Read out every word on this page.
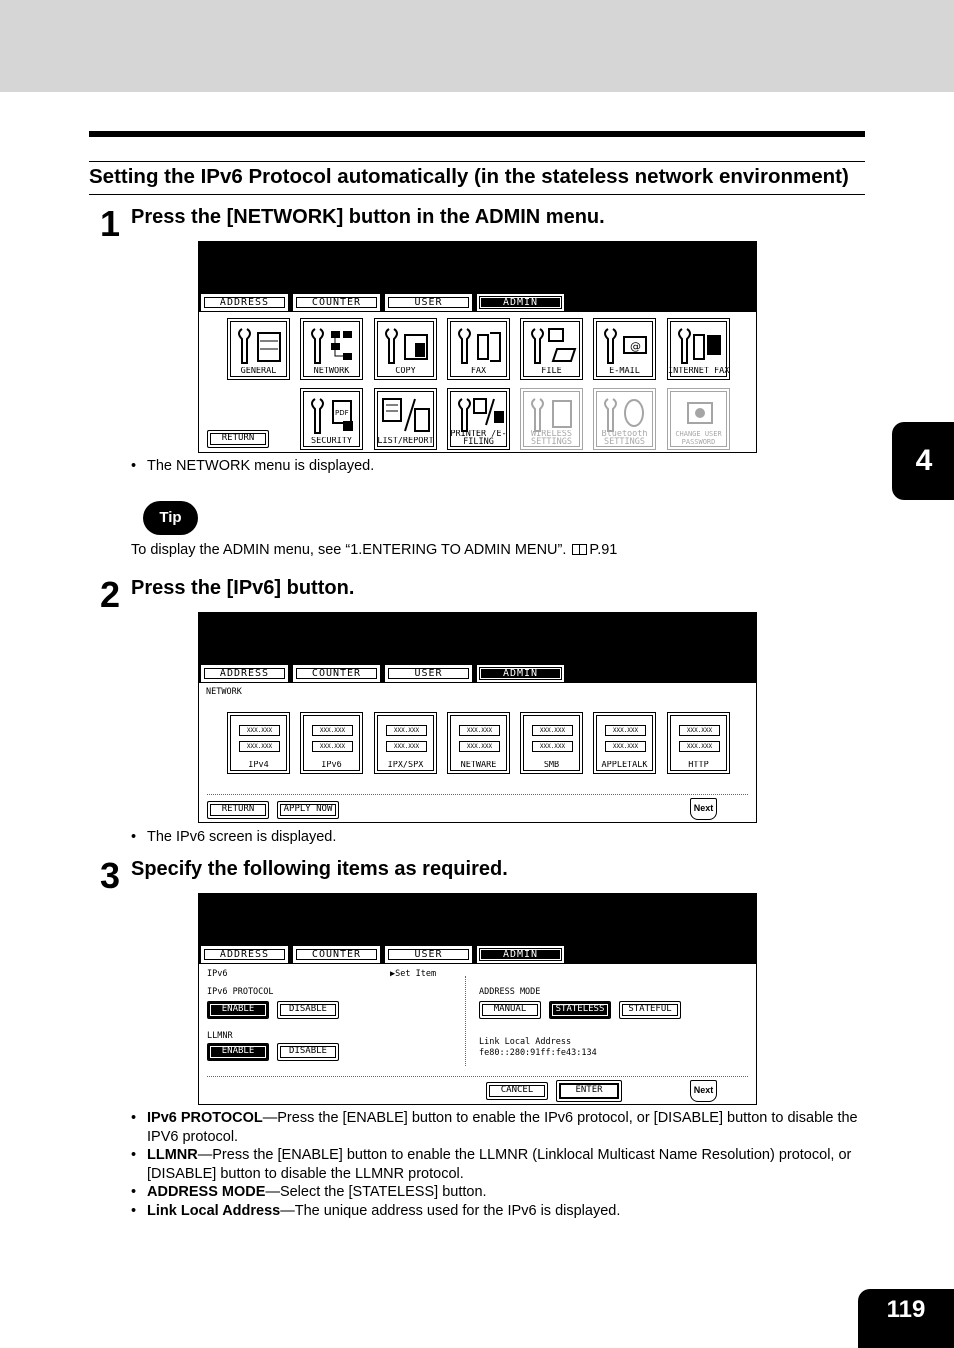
Setting the IPv6 Protocol automatically (in the stateless network environment)
1 Press the [NETWORK] button in the ADMIN menu.
ADDRESS	COUNTER	USER	ADMIN
GENERAL	NETWORK	COPY	FAX	FILE
@
E-MAIL	INTERNET FAX
RETURN
PDF
SECURITY	LIST/REPORT
PRINTER /E-FILING
WIRELESS SETTINGS
Bluetooth SETTINGS
CHANGE USER PASSWORD
• The NETWORK menu is displayed.
Tip
To display the ADMIN menu, see “1.ENTERING TO ADMIN MENU”. P.91
2 Press the [IPv6] button.
ADDRESS	COUNTER	USER	ADMIN
NETWORK
XXX.XXX
XXX.XXX
IPv4
XXX.XXX
XXX.XXX
IPv6
XXX.XXX
XXX.XXX
IPX/SPX
XXX.XXX
XXX.XXX
NETWARE
XXX.XXX
XXX.XXX
SMB
XXX.XXX
XXX.XXX
APPLETALK
XXX.XXX
XXX.XXX
HTTP
RETURN	APPLY NOW	Next
• The IPv6 screen is displayed.
3 Specify the following items as required.
ADDRESS	COUNTER	USER	ADMIN
IPv6	▶Set Item
IPv6 PROTOCOL
ENABLE	DISABLE
LLMNR
ENABLE	DISABLE
ADDRESS MODE
MANUAL	STATELESS	STATEFUL
Link Local Address
fe80::280:91ff:fe43:134
CANCEL	ENTER	Next
• IPv6 PROTOCOL—Press the [ENABLE] button to enable the IPv6 protocol, or [DISABLE] button to disable the IPV6 protocol.
• LLMNR—Press the [ENABLE] button to enable the LLMNR (Linklocal Multicast Name Resolution) protocol, or [DISABLE] button to disable the LLMNR protocol.
• ADDRESS MODE—Select the [STATELESS] button.
• Link Local Address—The unique address used for the IPv6 is displayed.
4
119
